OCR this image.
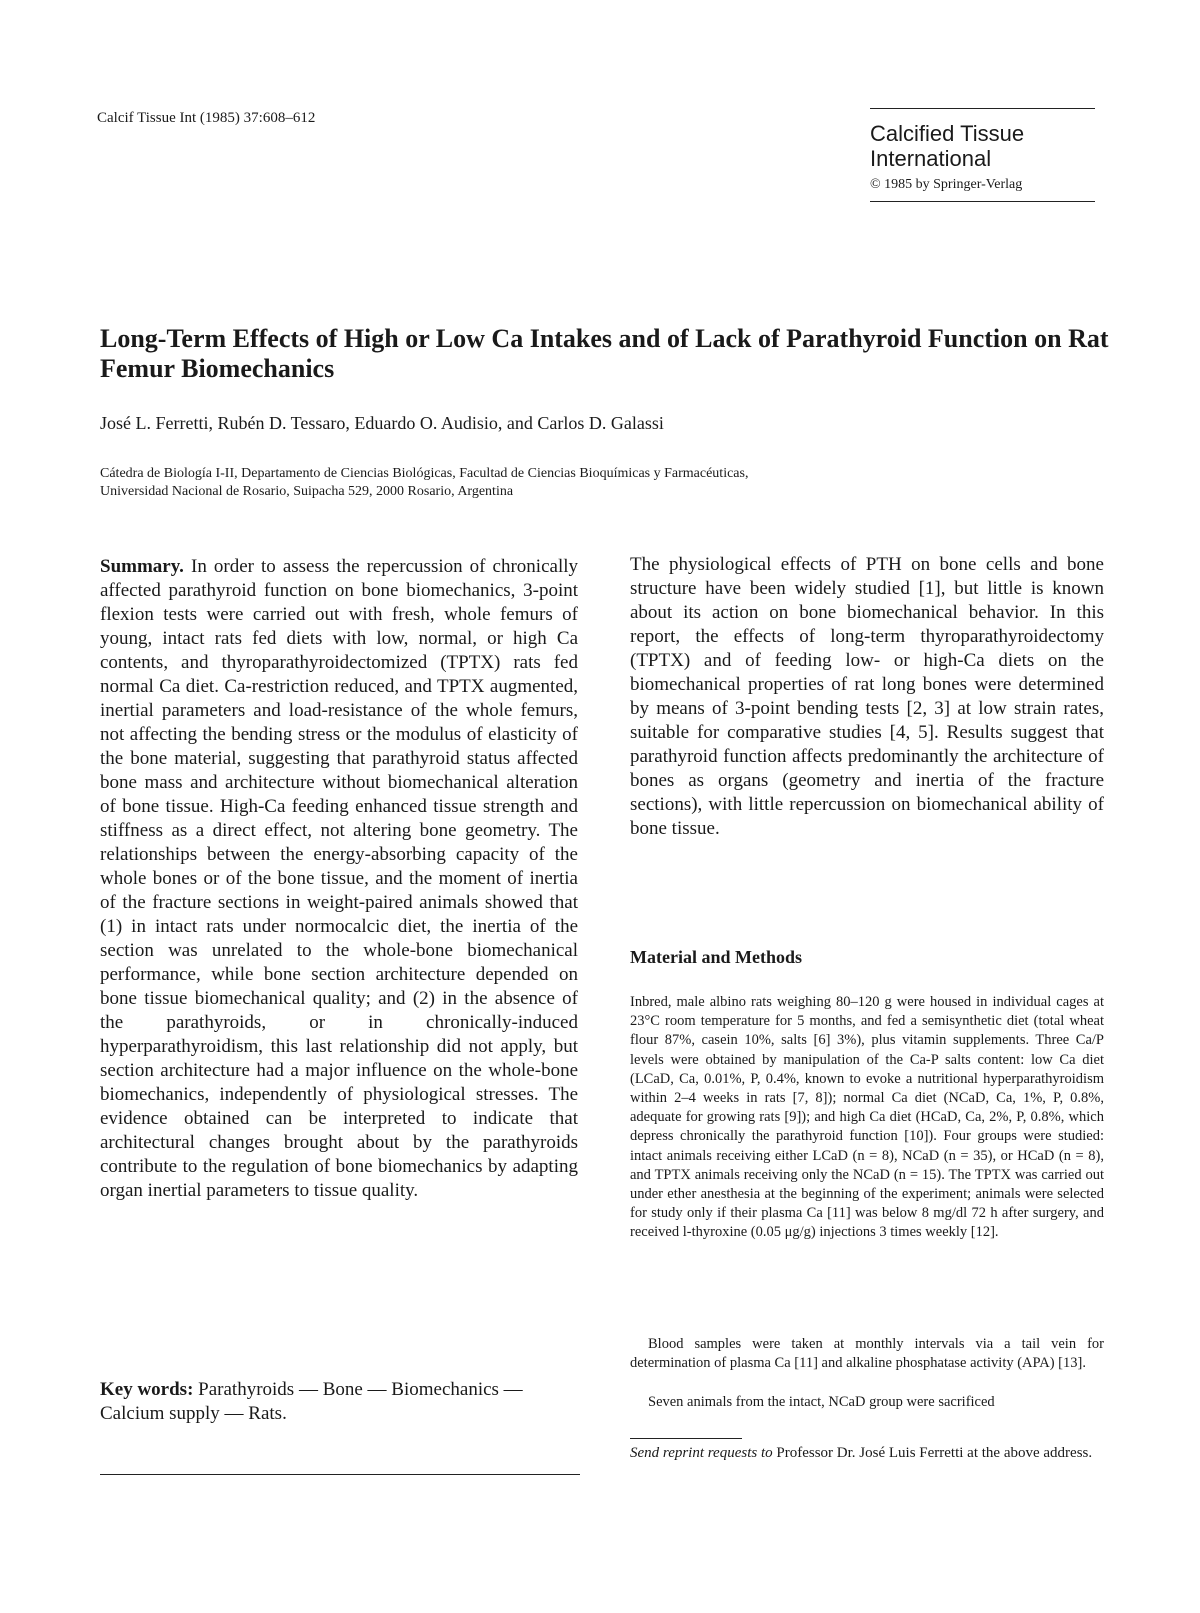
Calcif Tissue Int (1985) 37:608–612
Calcified Tissue
International
© 1985 by Springer-Verlag
Long-Term Effects of High or Low Ca Intakes and of Lack of Parathyroid Function on Rat Femur Biomechanics
José L. Ferretti, Rubén D. Tessaro, Eduardo O. Audisio, and Carlos D. Galassi
Cátedra de Biología I-II, Departamento de Ciencias Biológicas, Facultad de Ciencias Bioquímicas y Farmacéuticas,
Universidad Nacional de Rosario, Suipacha 529, 2000 Rosario, Argentina

Summary. In order to assess the repercussion of chronically affected parathyroid function on bone biomechanics, 3-point flexion tests were carried out with fresh, whole femurs of young, intact rats fed diets with low, normal, or high Ca contents, and thyroparathyroidectomized (TPTX) rats fed normal Ca diet. Ca-restriction reduced, and TPTX augmented, inertial parameters and load-resistance of the whole femurs, not affecting the bending stress or the modulus of elasticity of the bone material, suggesting that parathyroid status affected bone mass and architecture without biomechanical alteration of bone tissue. High-Ca feeding enhanced tissue strength and stiffness as a direct effect, not altering bone geometry. The relationships between the energy-absorbing capacity of the whole bones or of the bone tissue, and the moment of inertia of the fracture sections in weight-paired animals showed that (1) in intact rats under normocalcic diet, the inertia of the section was unrelated to the whole-bone biomechanical performance, while bone section architecture depended on bone tissue biomechanical quality; and (2) in the absence of the parathyroids, or in chronically-induced hyperparathyroidism, this last relationship did not apply, but section architecture had a major influence on the whole-bone biomechanics, independently of physiological stresses. The evidence obtained can be interpreted to indicate that architectural changes brought about by the parathyroids contribute to the regulation of bone biomechanics by adapting organ inertial parameters to tissue quality.

Key words: Parathyroids — Bone — Biomechanics — Calcium supply — Rats.

The physiological effects of PTH on bone cells and bone structure have been widely studied [1], but little is known about its action on bone biomechanical behavior. In this report, the effects of long-term thyroparathyroidectomy (TPTX) and of feeding low- or high-Ca diets on the biomechanical properties of rat long bones were determined by means of 3-point bending tests [2, 3] at low strain rates, suitable for comparative studies [4, 5]. Results suggest that parathyroid function affects predominantly the architecture of bones as organs (geometry and inertia of the fracture sections), with little repercussion on biomechanical ability of bone tissue.

Material and Methods

Inbred, male albino rats weighing 80–120 g were housed in individual cages at 23°C room temperature for 5 months, and fed a semisynthetic diet (total wheat flour 87%, casein 10%, salts [6] 3%), plus vitamin supplements. Three Ca/P levels were obtained by manipulation of the Ca-P salts content: low Ca diet (LCaD, Ca, 0.01%, P, 0.4%, known to evoke a nutritional hyperparathyroidism within 2–4 weeks in rats [7, 8]); normal Ca diet (NCaD, Ca, 1%, P, 0.8%, adequate for growing rats [9]); and high Ca diet (HCaD, Ca, 2%, P, 0.8%, which depress chronically the parathyroid function [10]). Four groups were studied: intact animals receiving either LCaD (n = 8), NCaD (n = 35), or HCaD (n = 8), and TPTX animals receiving only the NCaD (n = 15). The TPTX was carried out under ether anesthesia at the beginning of the experiment; animals were selected for study only if their plasma Ca [11] was below 8 mg/dl 72 h after surgery, and received l-thyroxine (0.05 μg/g) injections 3 times weekly [12].

Blood samples were taken at monthly intervals via a tail vein for determination of plasma Ca [11] and alkaline phosphatase activity (APA) [13].

Seven animals from the intact, NCaD group were sacrificed

Send reprint requests to Professor Dr. José Luis Ferretti at the above address.
